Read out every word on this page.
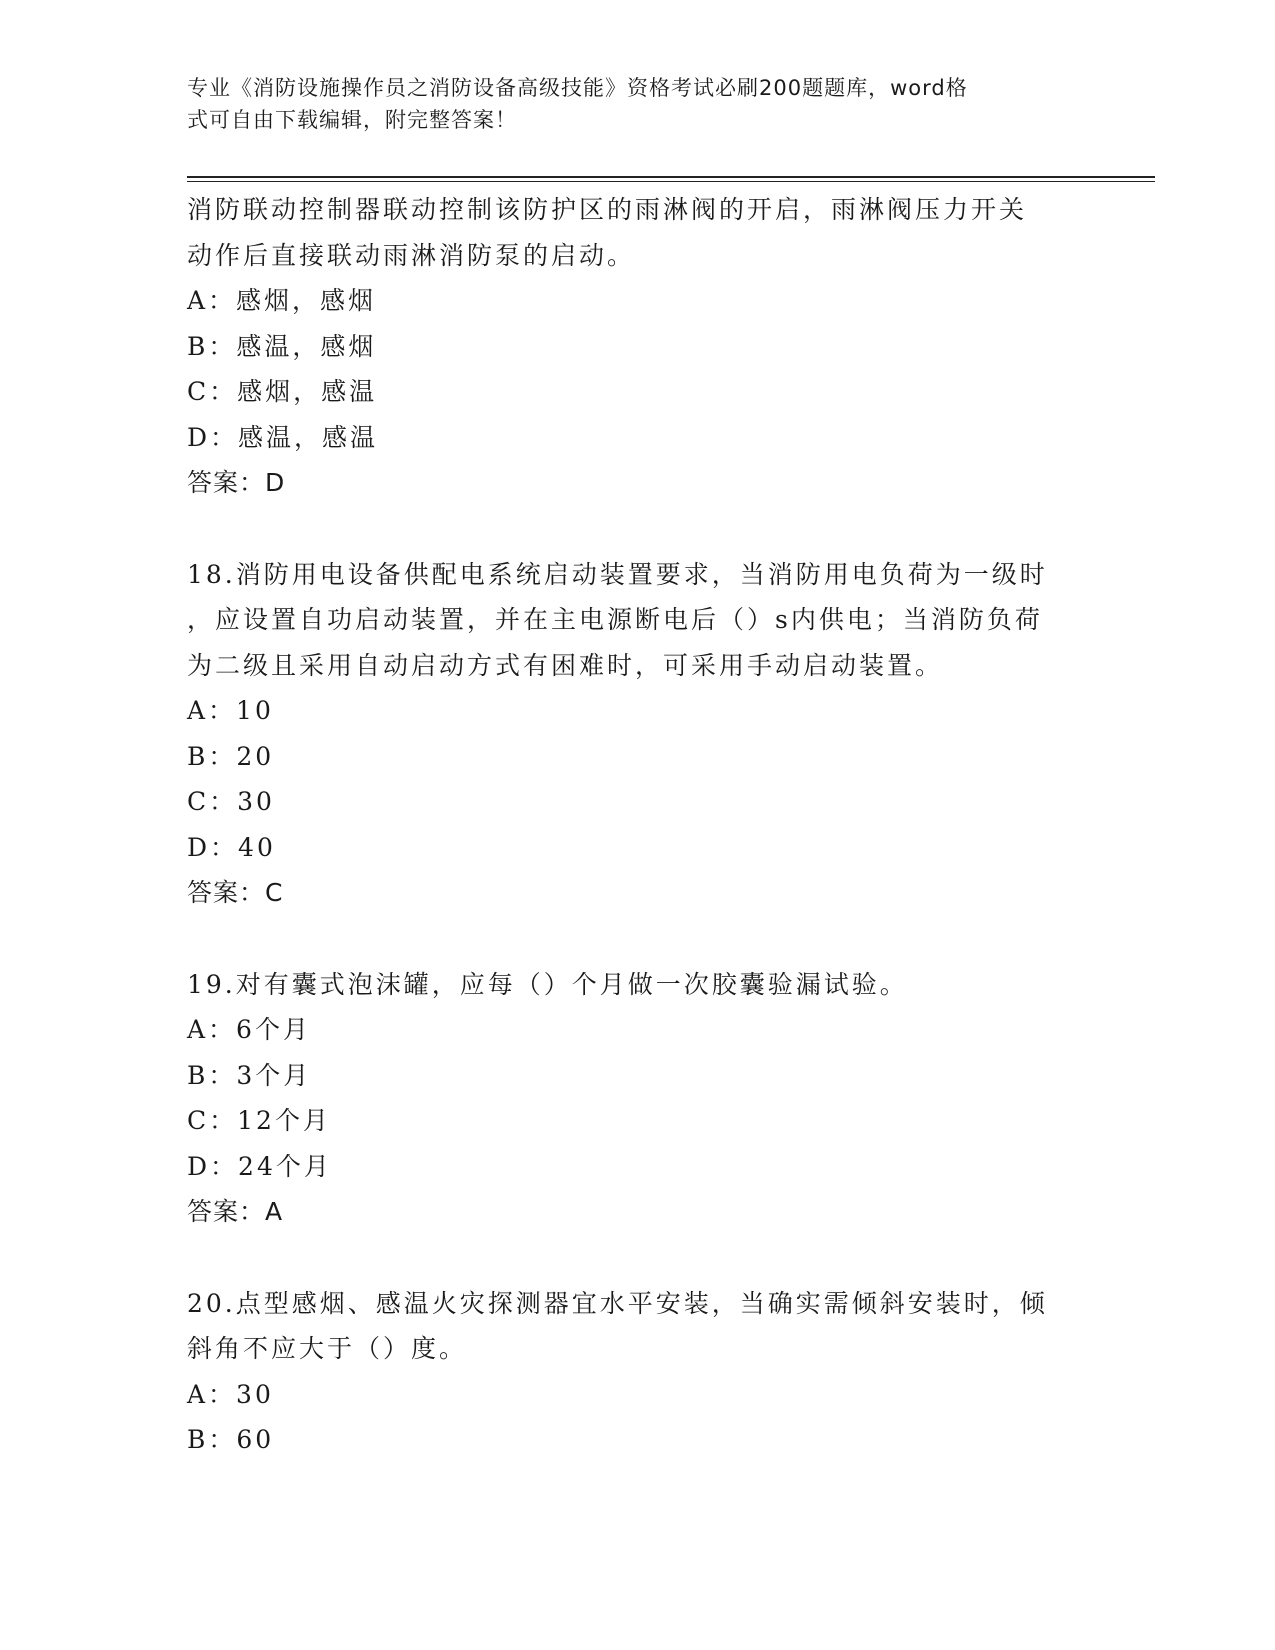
专业《消防设施操作员之消防设备高级技能》资格考试必刷200题题库，word格
式可自由下载编辑，附完整答案！
消防联动控制器联动控制该防护区的雨淋阀的开启，雨淋阀压力开关
动作后直接联动雨淋消防泵的启动。
A：感烟，感烟
B：感温，感烟
C：感烟，感温
D：感温，感温
答案：D
18.消防用电设备供配电系统启动装置要求，当消防用电负荷为一级时
，应设置自功启动装置，并在主电源断电后（）s内供电；当消防负荷
为二级且采用自动启动方式有困难时，可采用手动启动装置。
A：10
B：20
C：30
D：40
答案：C
19.对有囊式泡沫罐，应每（）个月做一次胶囊验漏试验。
A：6个月
B：3个月
C：12个月
D：24个月
答案：A
20.点型感烟、感温火灾探测器宜水平安装，当确实需倾斜安装时，倾
斜角不应大于（）度。
A：30
B：60
